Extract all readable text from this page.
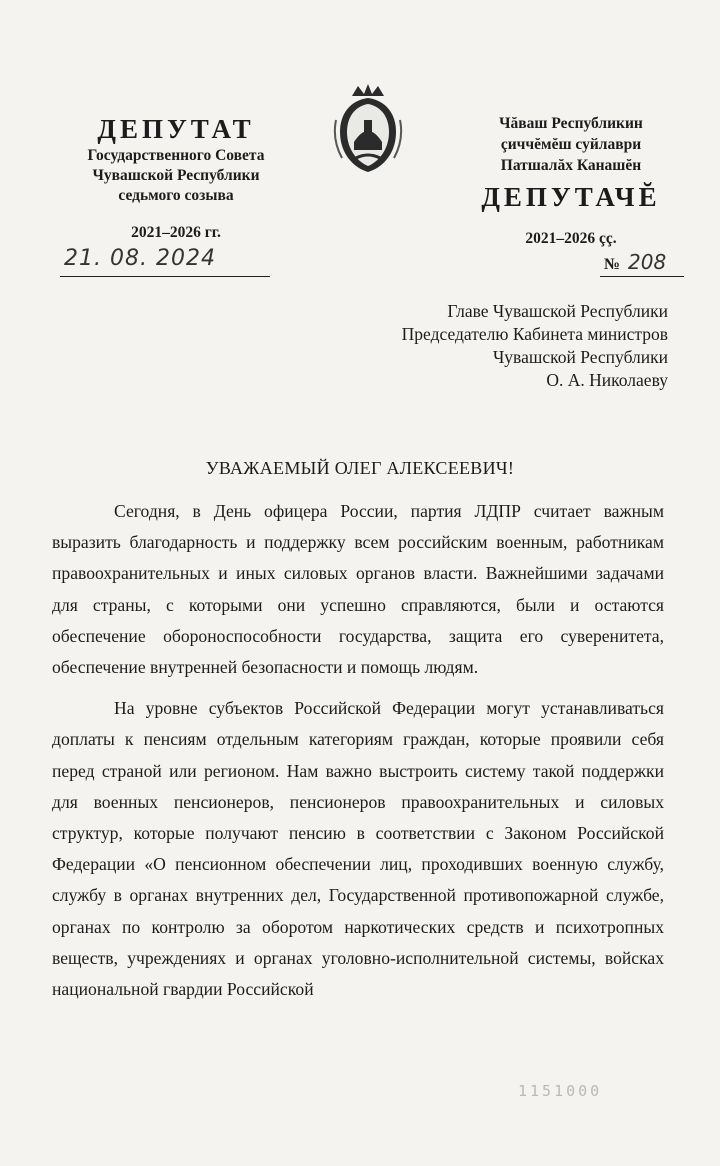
ДЕПУТАТ
Государственного Совета
Чувашской Республики
седьмого созыва
2021–2026 гг.
Чăваш Республикин
çиччĕмĕш суйлаври
Патшалăх Канашĕн
ДЕПУТАЧĔ
2021–2026 çç.
21. 08. 2024	№ 208
Главе Чувашской Республики
Председателю Кабинета министров
Чувашской Республики
О. А. Николаеву
УВАЖАЕМЫЙ ОЛЕГ АЛЕКСЕЕВИЧ!

Сегодня, в День офицера России, партия ЛДПР считает важным выразить благодарность и поддержку всем российским военным, работникам правоохранительных и иных силовых органов власти. Важнейшими задачами для страны, с которыми они успешно справляются, были и остаются обеспечение обороноспособности государства, защита его суверенитета, обеспечение внутренней безопасности и помощь людям.

На уровне субъектов Российской Федерации могут устанавливаться доплаты к пенсиям отдельным категориям граждан, которые проявили себя перед страной или регионом. Нам важно выстроить систему такой поддержки для военных пенсионеров, пенсионеров правоохранительных и силовых структур, которые получают пенсию в соответствии с Законом Российской Федерации «О пенсионном обеспечении лиц, проходивших военную службу, службу в органах внутренних дел, Государственной противопожарной службе, органах по контролю за оборотом наркотических средств и психотропных веществ, учреждениях и органах уголовно-исполнительной системы, войсках национальной гвардии Российской

1151000
